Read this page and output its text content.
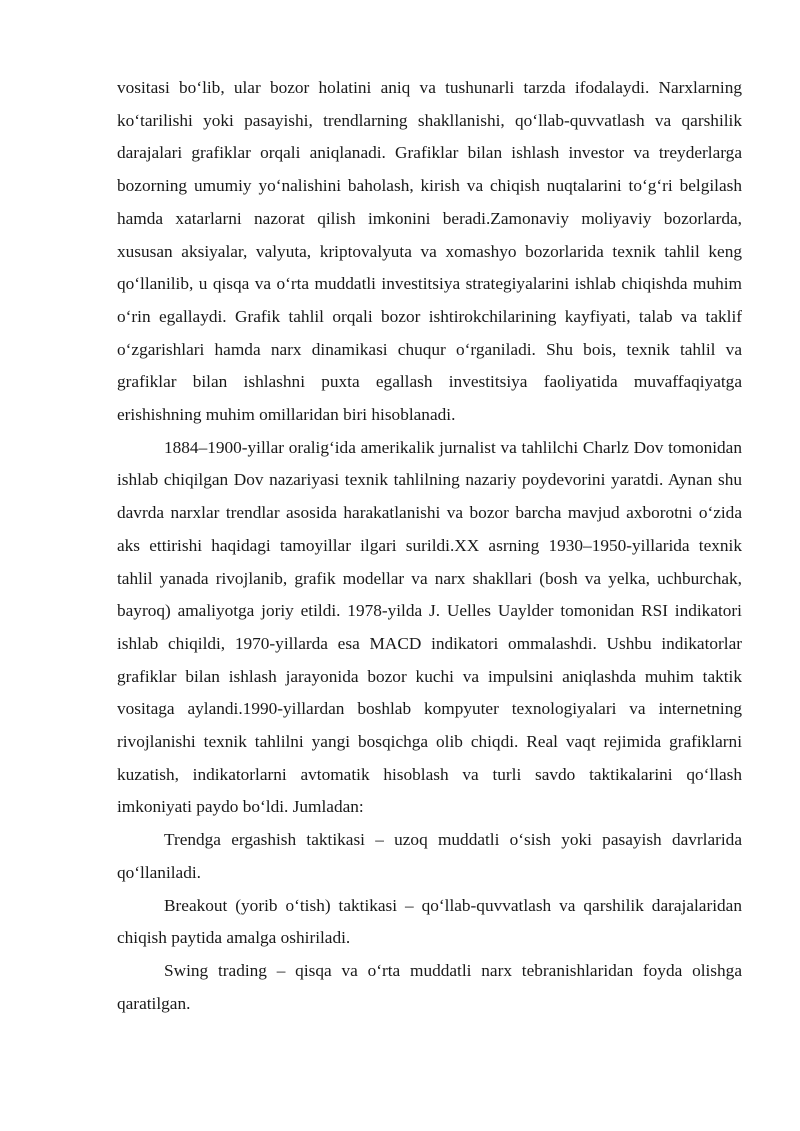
vositasi bo‘lib, ular bozor holatini aniq va tushunarli tarzda ifodalaydi. Narxlarning ko‘tarilishi yoki pasayishi, trendlarning shakllanishi, qo‘llab-quvvatlash va qarshilik darajalari grafiklar orqali aniqlanadi. Grafiklar bilan ishlash investor va treyderlarga bozorning umumiy yo‘nalishini baholash, kirish va chiqish nuqtalarini to‘g‘ri belgilash hamda xatarlarni nazorat qilish imkonini beradi.Zamonaviy moliyaviy bozorlarda, xususan aksiyalar, valyuta, kriptovalyuta va xomashyo bozorlarida texnik tahlil keng qo‘llanilib, u qisqa va o‘rta muddatli investitsiya strategiyalarini ishlab chiqishda muhim o‘rin egallaydi. Grafik tahlil orqali bozor ishtirokchilarining kayfiyati, talab va taklif o‘zgarishlari hamda narx dinamikasi chuqur o‘rganiladi. Shu bois, texnik tahlil va grafiklar bilan ishlashni puxta egallash investitsiya faoliyatida muvaffaqiyatga erishishning muhim omillaridan biri hisoblanadi.

1884–1900-yillar oralig‘ida amerikalik jurnalist va tahlilchi Charlz Dov tomonidan ishlab chiqilgan Dov nazariyasi texnik tahlilning nazariy poydevorini yaratdi. Aynan shu davrda narxlar trendlar asosida harakatlanishi va bozor barcha mavjud axborotni o‘zida aks ettirishi haqidagi tamoyillar ilgari surildi.XX asrning 1930–1950-yillarida texnik tahlil yanada rivojlanib, grafik modellar va narx shakllari (bosh va yelka, uchburchak, bayroq) amaliyotga joriy etildi. 1978-yilda J. Uelles Uaylder tomonidan RSI indikatori ishlab chiqildi, 1970-yillarda esa MACD indikatori ommalashdi. Ushbu indikatorlar grafiklar bilan ishlash jarayonida bozor kuchi va impulsini aniqlashda muhim taktik vositaga aylandi.1990-yillardan boshlab kompyuter texnologiyalari va internetning rivojlanishi texnik tahlilni yangi bosqichga olib chiqdi. Real vaqt rejimida grafiklarni kuzatish, indikatorlarni avtomatik hisoblash va turli savdo taktikalarini qo‘llash imkoniyati paydo bo‘ldi. Jumladan:

Trendga ergashish taktikasi – uzoq muddatli o‘sish yoki pasayish davrlarida qo‘llaniladi.

Breakout (yorib o‘tish) taktikasi – qo‘llab-quvvatlash va qarshilik darajalaridan chiqish paytida amalga oshiriladi.

Swing trading – qisqa va o‘rta muddatli narx tebranishlaridan foyda olishga qaratilgan.
